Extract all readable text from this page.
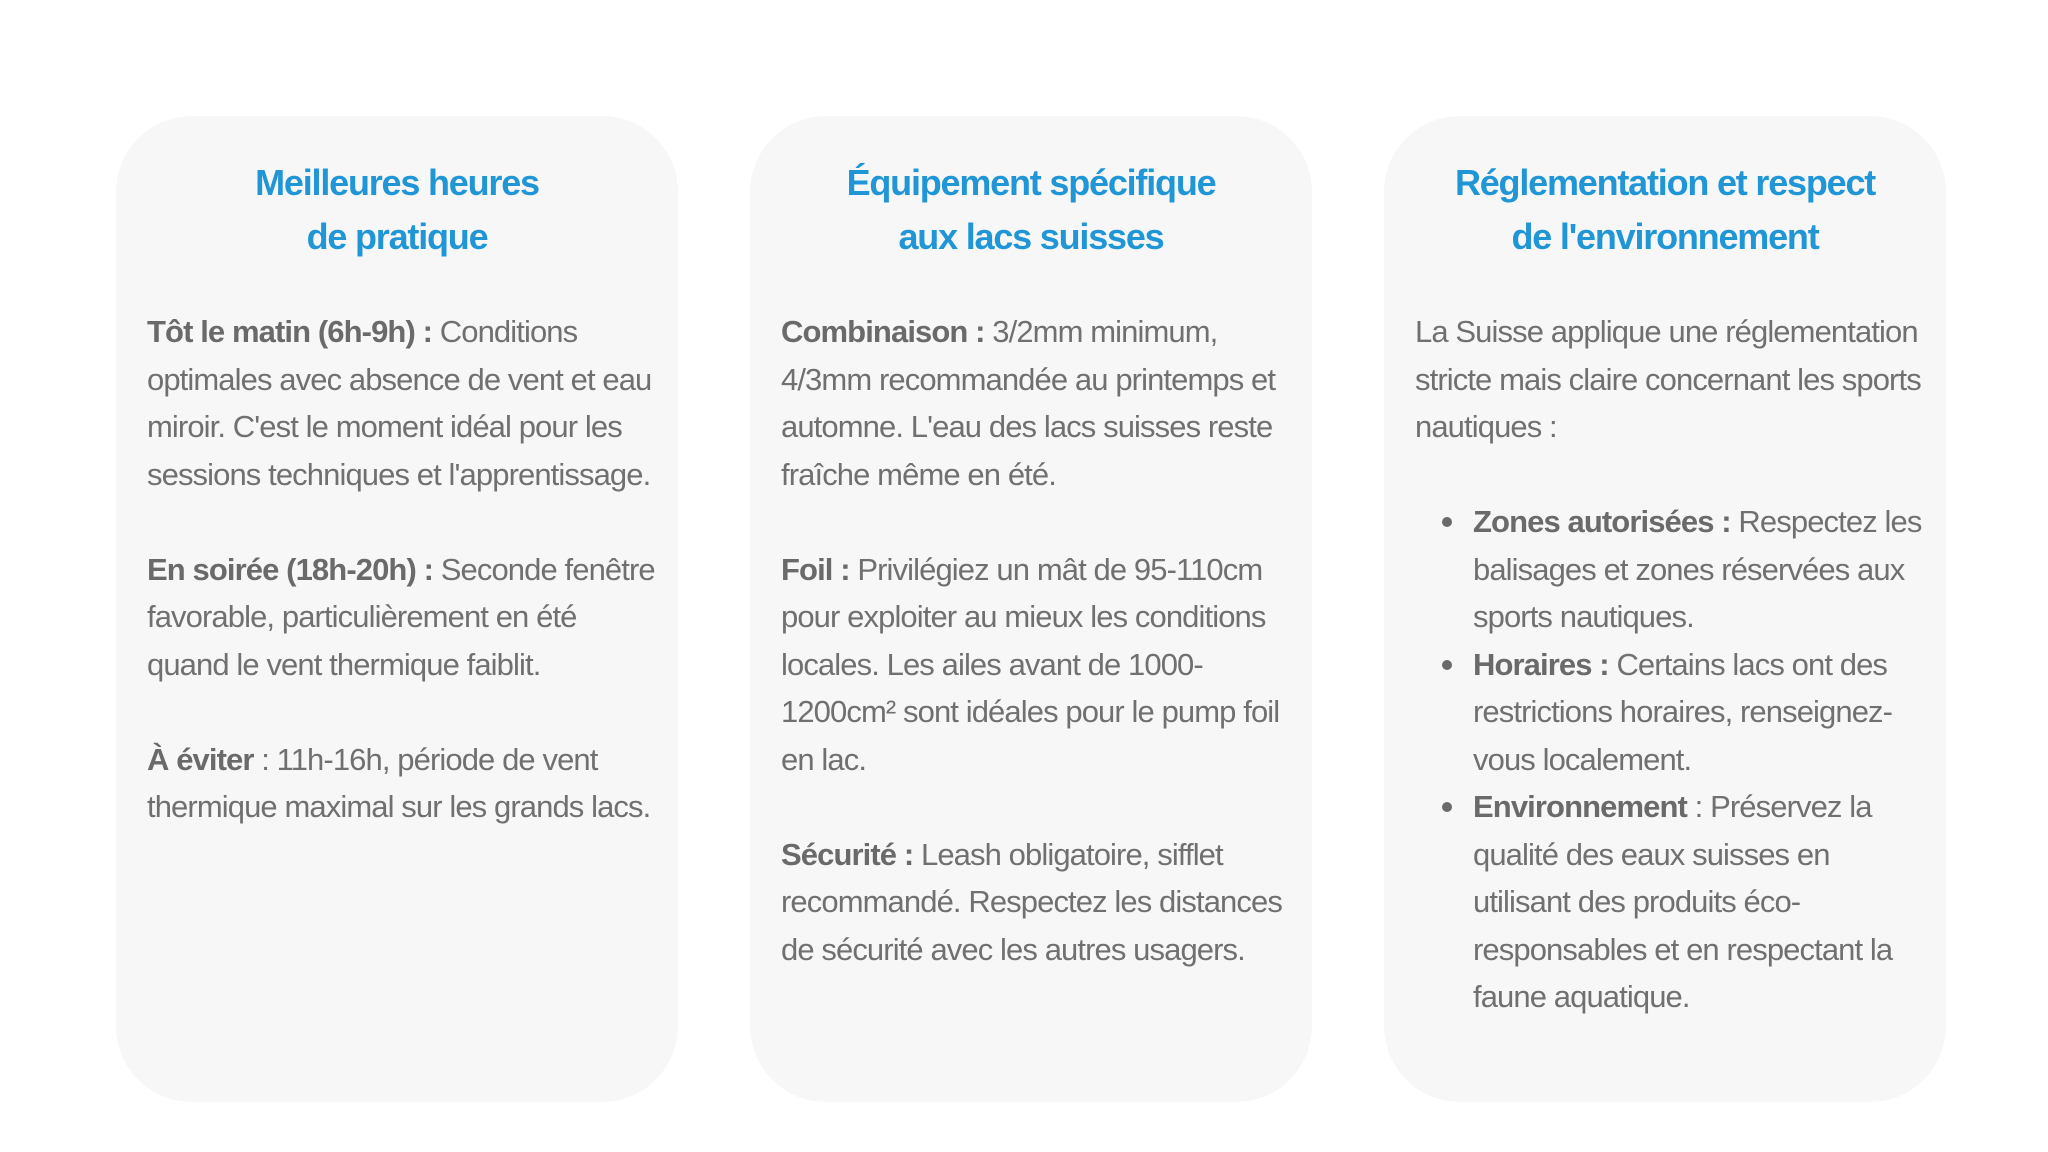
Meilleures heures
de pratique

Tôt le matin (6h-9h) : Conditions optimales avec absence de vent et eau miroir. C'est le moment idéal pour les sessions techniques et l'apprentissage.

En soirée (18h-20h) : Seconde fenêtre favorable, particulièrement en été quand le vent thermique faiblit.

À éviter : 11h-16h, période de vent thermique maximal sur les grands lacs.

Équipement spécifique
aux lacs suisses

Combinaison : 3/2mm minimum, 4/3mm recommandée au printemps et automne. L'eau des lacs suisses reste fraîche même en été.

Foil : Privilégiez un mât de 95-110cm pour exploiter au mieux les conditions locales. Les ailes avant de 1000-1200cm² sont idéales pour le pump foil en lac.

Sécurité : Leash obligatoire, sifflet recommandé. Respectez les distances de sécurité avec les autres usagers.

Réglementation et respect
de l'environnement

La Suisse applique une réglementation stricte mais claire concernant les sports nautiques :

Zones autorisées : Respectez les balisages et zones réservées aux sports nautiques.
Horaires : Certains lacs ont des restrictions horaires, renseignez-vous localement.
Environnement : Préservez la qualité des eaux suisses en utilisant des produits éco-responsables et en respectant la faune aquatique.
